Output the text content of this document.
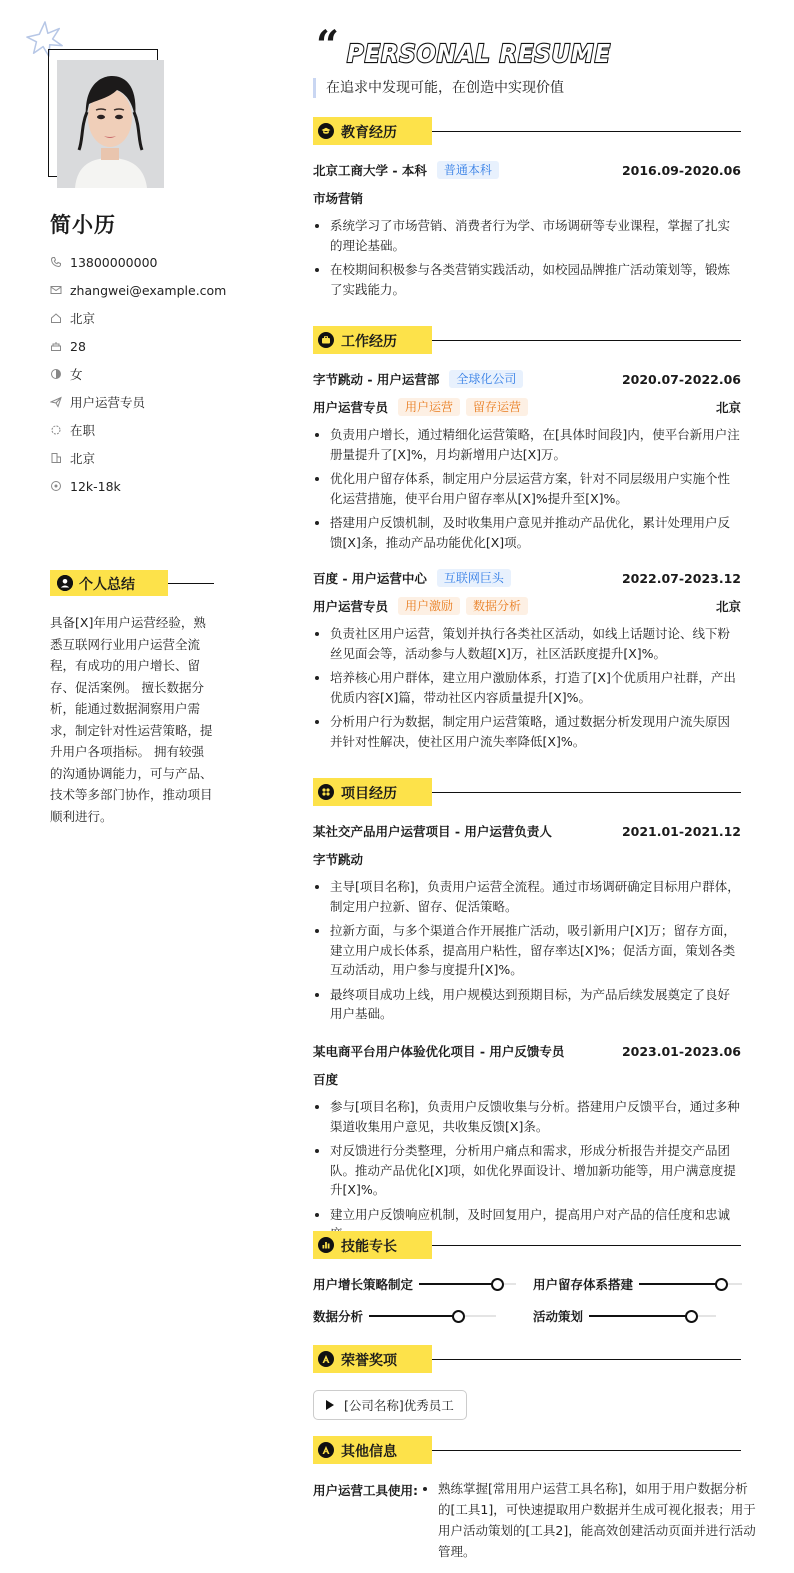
简小历
13800000000
zhangwei@example.com
北京
28
女
用户运营专员
在职
北京
12k-18k
个人总结
具备[X]年用户运营经验，熟悉互联网行业用户运营全流程，有成功的用户增长、留存、促活案例。 擅长数据分析，能通过数据洞察用户需求，制定针对性运营策略，提升用户各项指标。 拥有较强的沟通协调能力，可与产品、技术等多部门协作，推动项目顺利进行。
“ PERSONAL RESUME
在追求中发现可能，在创造中实现价值
教育经历
北京工商大学 - 本科	普通本科	2016.09-2020.06
市场营销
系统学习了市场营销、消费者行为学、市场调研等专业课程，掌握了扎实的理论基础。
在校期间积极参与各类营销实践活动，如校园品牌推广活动策划等，锻炼了实践能力。
工作经历
字节跳动 - 用户运营部	全球化公司	2020.07-2022.06
用户运营专员	用户运营	留存运营	北京
负责用户增长，通过精细化运营策略，在[具体时间段]内，使平台新用户注册量提升了[X]%，月均新增用户达[X]万。
优化用户留存体系，制定用户分层运营方案，针对不同层级用户实施个性化运营措施，使平台用户留存率从[X]%提升至[X]%。
搭建用户反馈机制，及时收集用户意见并推动产品优化，累计处理用户反馈[X]条，推动产品功能优化[X]项。
百度 - 用户运营中心	互联网巨头	2022.07-2023.12
用户运营专员	用户激励	数据分析	北京
负责社区用户运营，策划并执行各类社区活动，如线上话题讨论、线下粉丝见面会等，活动参与人数超[X]万，社区活跃度提升[X]%。
培养核心用户群体，建立用户激励体系，打造了[X]个优质用户社群，产出优质内容[X]篇，带动社区内容质量提升[X]%。
分析用户行为数据，制定用户运营策略，通过数据分析发现用户流失原因并针对性解决，使社区用户流失率降低[X]%。
项目经历
某社交产品用户运营项目 - 用户运营负责人	2021.01-2021.12
字节跳动
主导[项目名称]，负责用户运营全流程。通过市场调研确定目标用户群体，制定用户拉新、留存、促活策略。
拉新方面，与多个渠道合作开展推广活动，吸引新用户[X]万；留存方面，建立用户成长体系，提高用户粘性，留存率达[X]%；促活方面，策划各类互动活动，用户参与度提升[X]%。
最终项目成功上线，用户规模达到预期目标，为产品后续发展奠定了良好用户基础。
某电商平台用户体验优化项目 - 用户反馈专员	2023.01-2023.06
百度
参与[项目名称]，负责用户反馈收集与分析。搭建用户反馈平台，通过多种渠道收集用户意见，共收集反馈[X]条。
对反馈进行分类整理，分析用户痛点和需求，形成分析报告并提交产品团队。推动产品优化[X]项，如优化界面设计、增加新功能等，用户满意度提升[X]%。
建立用户反馈响应机制，及时回复用户，提高用户对产品的信任度和忠诚
技能专长
用户增长策略制定	用户留存体系搭建
数据分析	活动策划
荣誉奖项
[公司名称]优秀员工
其他信息
用户运营工具使用:	熟练掌握[常用用户运营工具名称]，如用于用户数据分析的[工具1]，可快速提取用户数据并生成可视化报表；用于用户活动策划的[工具2]，能高效创建活动页面并进行活动管理。
